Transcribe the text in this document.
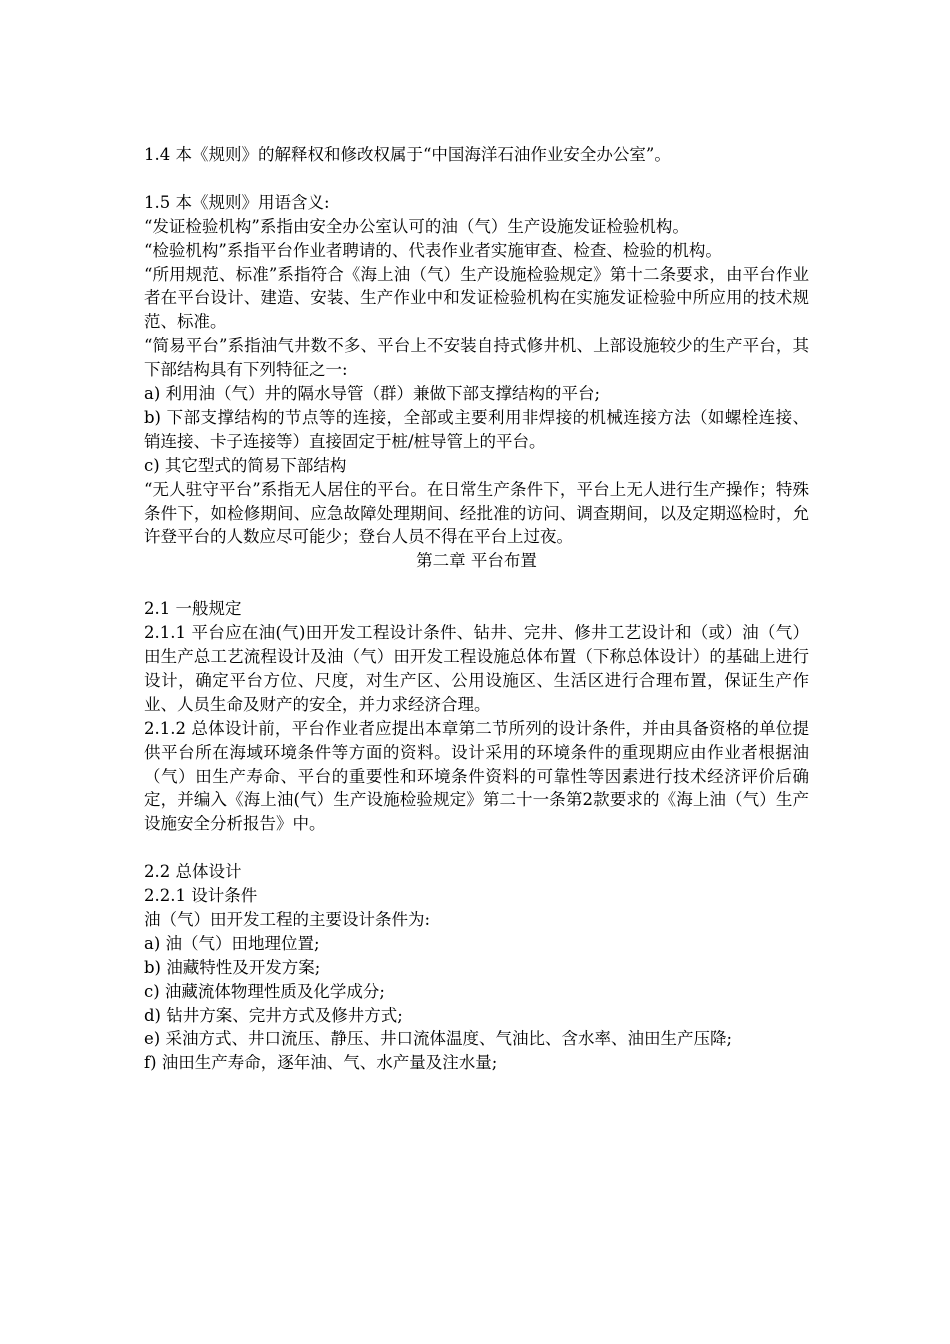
1.4 本《规则》的解释权和修改权属于“中国海洋石油作业安全办公室”。

1.5 本《规则》用语含义:

“发证检验机构”系指由安全办公室认可的油（气）生产设施发证检验机构。

“检验机构”系指平台作业者聘请的、代表作业者实施审查、检查、检验的机构。

“所用规范、标准”系指符合《海上油（气）生产设施检验规定》第十二条要求，由平台作业者在平台设计、建造、安装、生产作业中和发证检验机构在实施发证检验中所应用的技术规范、标准。

“简易平台”系指油气井数不多、平台上不安装自持式修井机、上部设施较少的生产平台，其下部结构具有下列特征之一:

a) 利用油（气）井的隔水导管（群）兼做下部支撑结构的平台;

b) 下部支撑结构的节点等的连接，全部或主要利用非焊接的机械连接方法（如螺栓连接、销连接、卡子连接等）直接固定于桩/桩导管上的平台。

c) 其它型式的简易下部结构

“无人驻守平台”系指无人居住的平台。在日常生产条件下，平台上无人进行生产操作；特殊条件下，如检修期间、应急故障处理期间、经批准的访问、调查期间，以及定期巡检时，允许登平台的人数应尽可能少；登台人员不得在平台上过夜。

第二章 平台布置

2.1 一般规定

2.1.1 平台应在油(气)田开发工程设计条件、钻井、完井、修井工艺设计和（或）油（气）田生产总工艺流程设计及油（气）田开发工程设施总体布置（下称总体设计）的基础上进行设计，确定平台方位、尺度，对生产区、公用设施区、生活区进行合理布置，保证生产作业、人员生命及财产的安全，并力求经济合理。

2.1.2 总体设计前，平台作业者应提出本章第二节所列的设计条件，并由具备资格的单位提供平台所在海域环境条件等方面的资料。设计采用的环境条件的重现期应由作业者根据油（气）田生产寿命、平台的重要性和环境条件资料的可靠性等因素进行技术经济评价后确定，并编入《海上油(气）生产设施检验规定》第二十一条第2款要求的《海上油（气）生产设施安全分析报告》中。

2.2 总体设计

2.2.1 设计条件

油（气）田开发工程的主要设计条件为:

a) 油（气）田地理位置;

b) 油藏特性及开发方案;

c) 油藏流体物理性质及化学成分;

d) 钻井方案、完井方式及修井方式;

e) 采油方式、井口流压、静压、井口流体温度、气油比、含水率、油田生产压降;

f) 油田生产寿命，逐年油、气、水产量及注水量;
